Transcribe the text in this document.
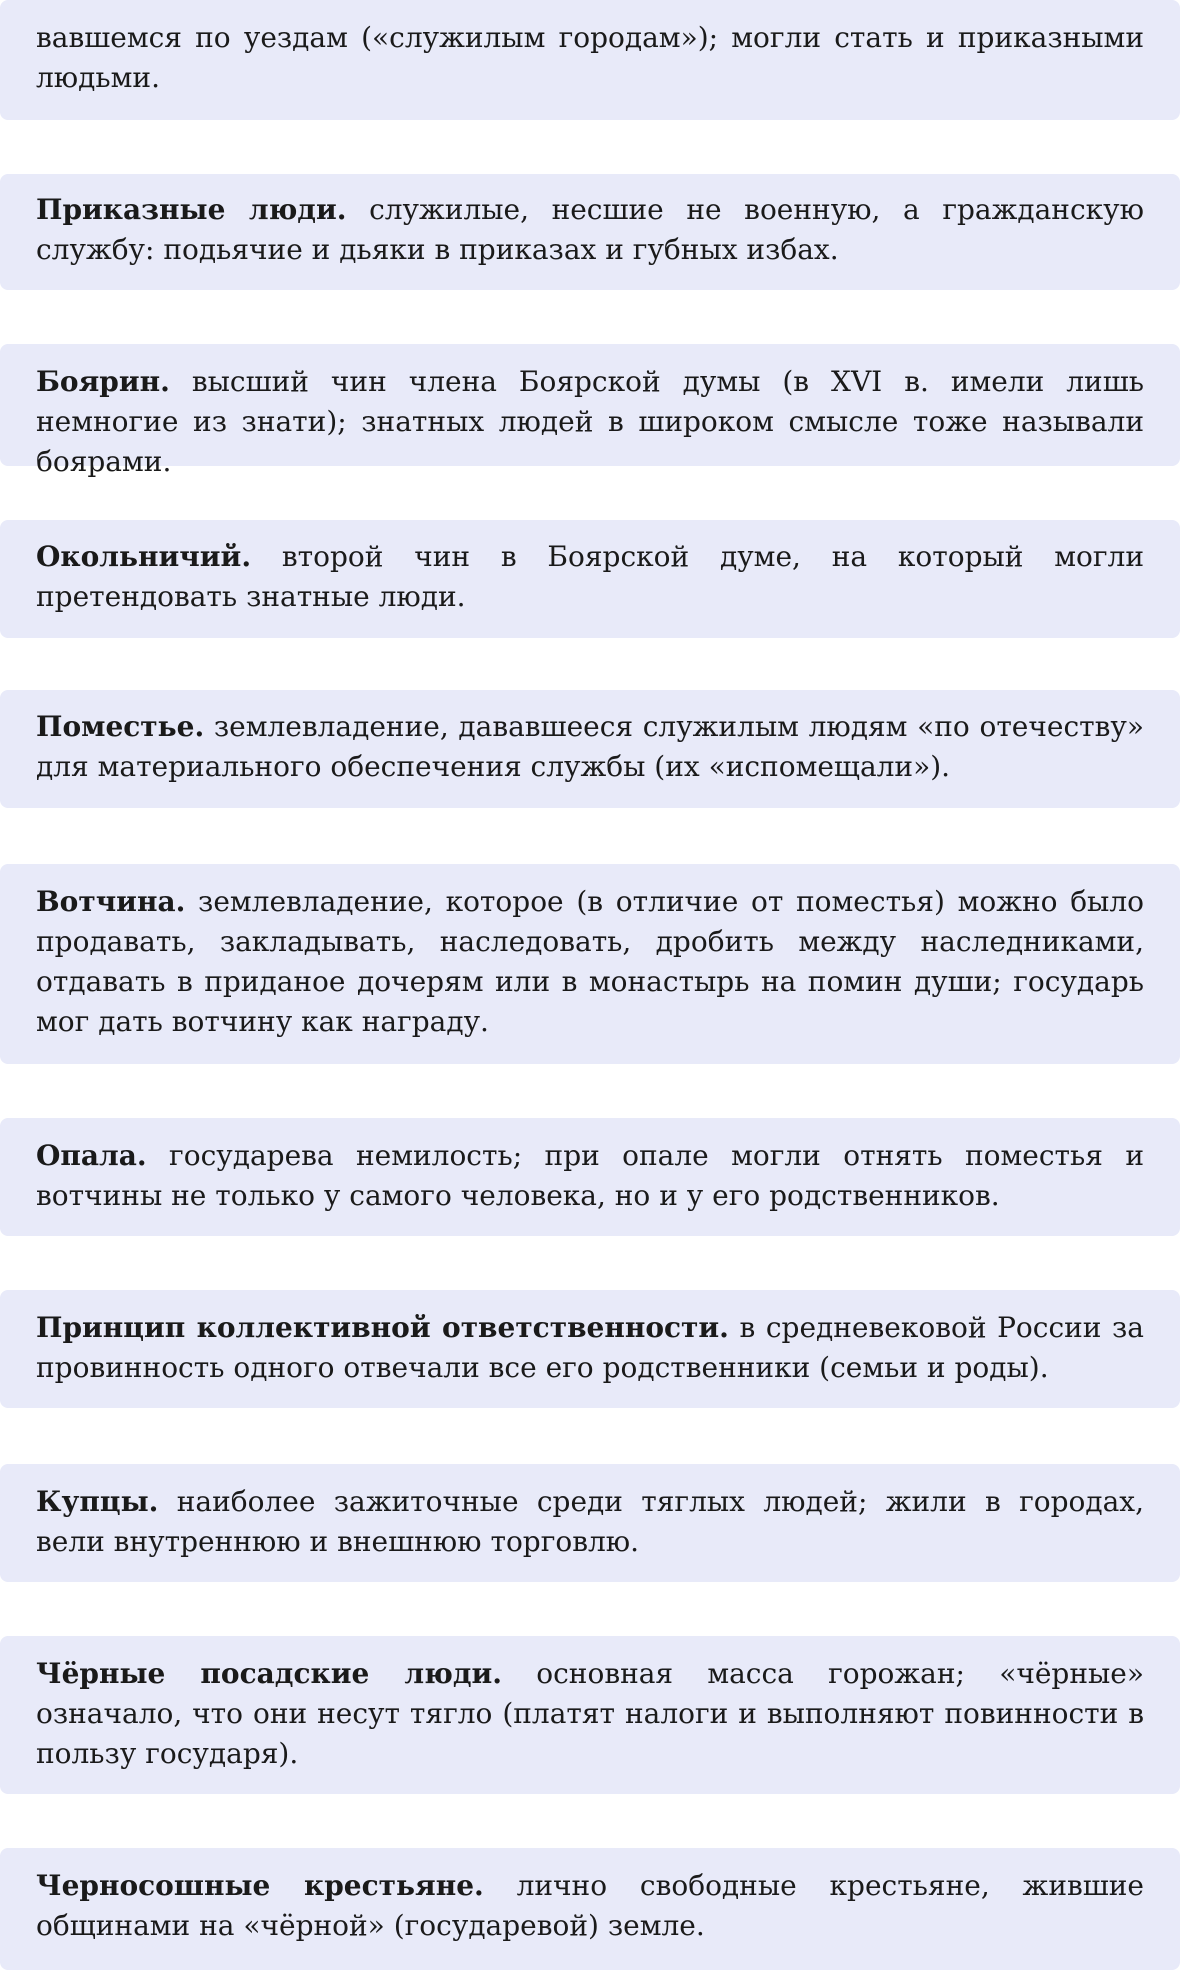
вавшемся по уездам («служилым городам»); могли стать и приказными людьми.

Приказные люди. служилые, несшие не военную, а гражданскую службу: подьячие и дьяки в приказах и губных избах.

Боярин. высший чин члена Боярской думы (в XVI в. имели лишь немногие из знати); знатных людей в широком смысле тоже называли боярами.

Окольничий. второй чин в Боярской думе, на который могли претендовать знатные люди.

Поместье. землевладение, дававшееся служилым людям «по отечеству» для материального обеспечения службы (их «испомещали»).

Вотчина. землевладение, которое (в отличие от поместья) можно было продавать, закладывать, наследовать, дробить между наследниками, отдавать в приданое дочерям или в монастырь на помин души; государь мог дать вотчину как награду.

Опала. государева немилость; при опале могли отнять поместья и вотчины не только у самого человека, но и у его родственников.

Принцип коллективной ответственности. в средневековой России за провинность одного отвечали все его родственники (семьи и роды).

Купцы. наиболее зажиточные среди тяглых людей; жили в городах, вели внутреннюю и внешнюю торговлю.

Чёрные посадские люди. основная масса горожан; «чёрные» означало, что они несут тягло (платят налоги и выполняют повинности в пользу государя).

Черносошные крестьяне. лично свободные крестьяне, жившие общинами на «чёрной» (государевой) земле.
